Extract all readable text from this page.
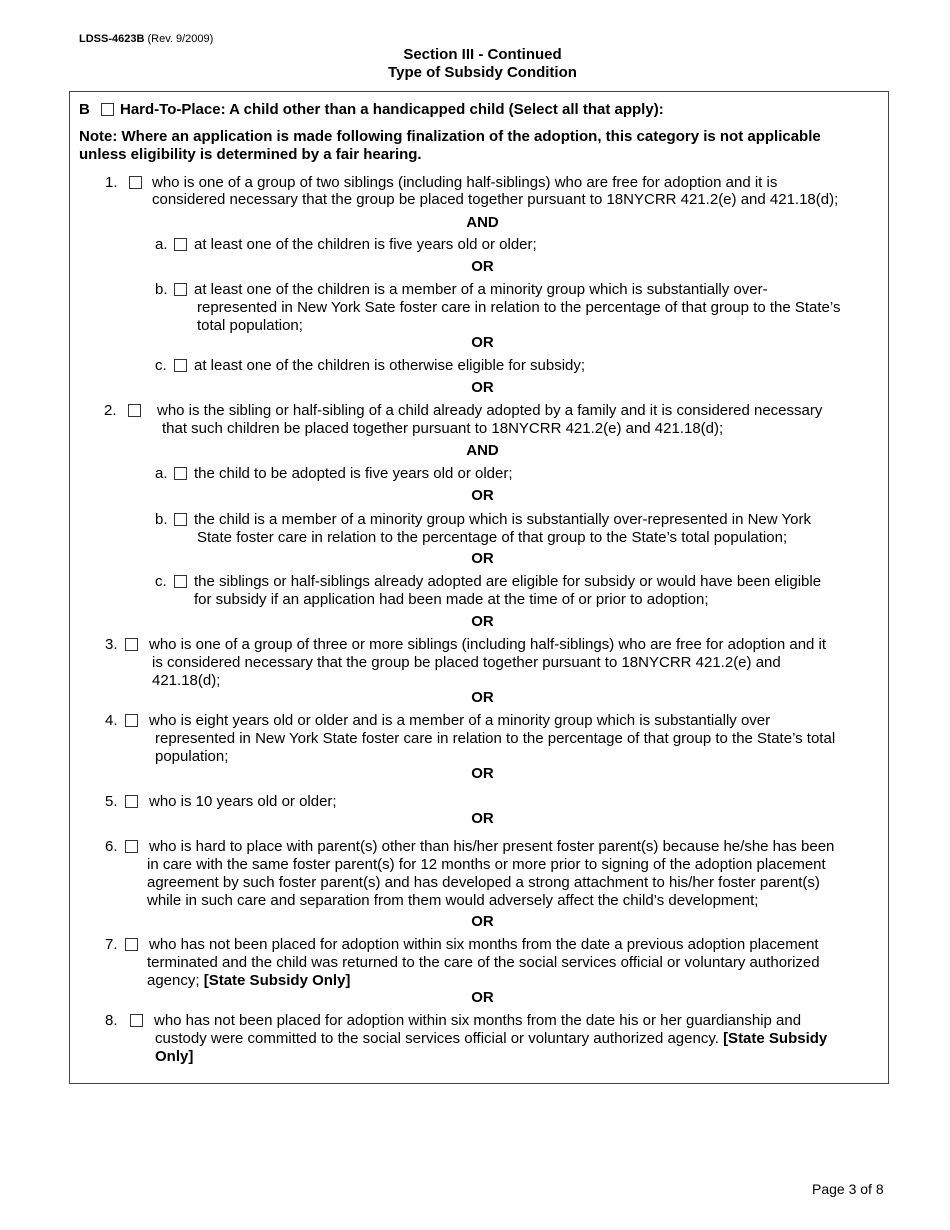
LDSS-4623B (Rev. 9/2009)
Section III - Continued
Type of Subsidy Condition
B Hard-To-Place: A child other than a handicapped child (Select all that apply):
Note: Where an application is made following finalization of the adoption, this category is not applicable
unless eligibility is determined by a fair hearing.
1. who is one of a group of two siblings (including half-siblings) who are free for adoption and it is
considered necessary that the group be placed together pursuant to 18NYCRR 421.2(e) and 421.18(d);
AND
a. at least one of the children is five years old or older;
OR
b. at least one of the children is a member of a minority group which is substantially over-
represented in New York Sate foster care in relation to the percentage of that group to the State’s
total population;
OR
c. at least one of the children is otherwise eligible for subsidy;
OR
2.	who is the sibling or half-sibling of a child already adopted by a family and it is considered necessary
that such children be placed together pursuant to 18NYCRR 421.2(e) and 421.18(d);
AND
a. the child to be adopted is five years old or older;
OR
b. the child is a member of a minority group which is substantially over-represented in New York
State foster care in relation to the percentage of that group to the State’s total population;
OR
c. the siblings or half-siblings already adopted are eligible for subsidy or would have been eligible
for subsidy if an application had been made at the time of or prior to adoption;
OR
3. who is one of a group of three or more siblings (including half-siblings) who are free for adoption and it
is considered necessary that the group be placed together pursuant to 18NYCRR 421.2(e) and
421.18(d);
OR
4. who is eight years old or older and is a member of a minority group which is substantially over
represented in New York State foster care in relation to the percentage of that group to the State’s total
population;
OR
5. who is 10 years old or older;
OR
6. who is hard to place with parent(s) other than his/her present foster parent(s) because he/she has been
in care with the same foster parent(s) for 12 months or more prior to signing of the adoption placement
agreement by such foster parent(s) and has developed a strong attachment to his/her foster parent(s)
while in such care and separation from them would adversely affect the child’s development;
OR
7. who has not been placed for adoption within six months from the date a previous adoption placement
terminated and the child was returned to the care of the social services official or voluntary authorized
agency; [State Subsidy Only]
OR
8. who has not been placed for adoption within six months from the date his or her guardianship and
custody were committed to the social services official or voluntary authorized agency. [State Subsidy
Only]
Page 3 of 8
